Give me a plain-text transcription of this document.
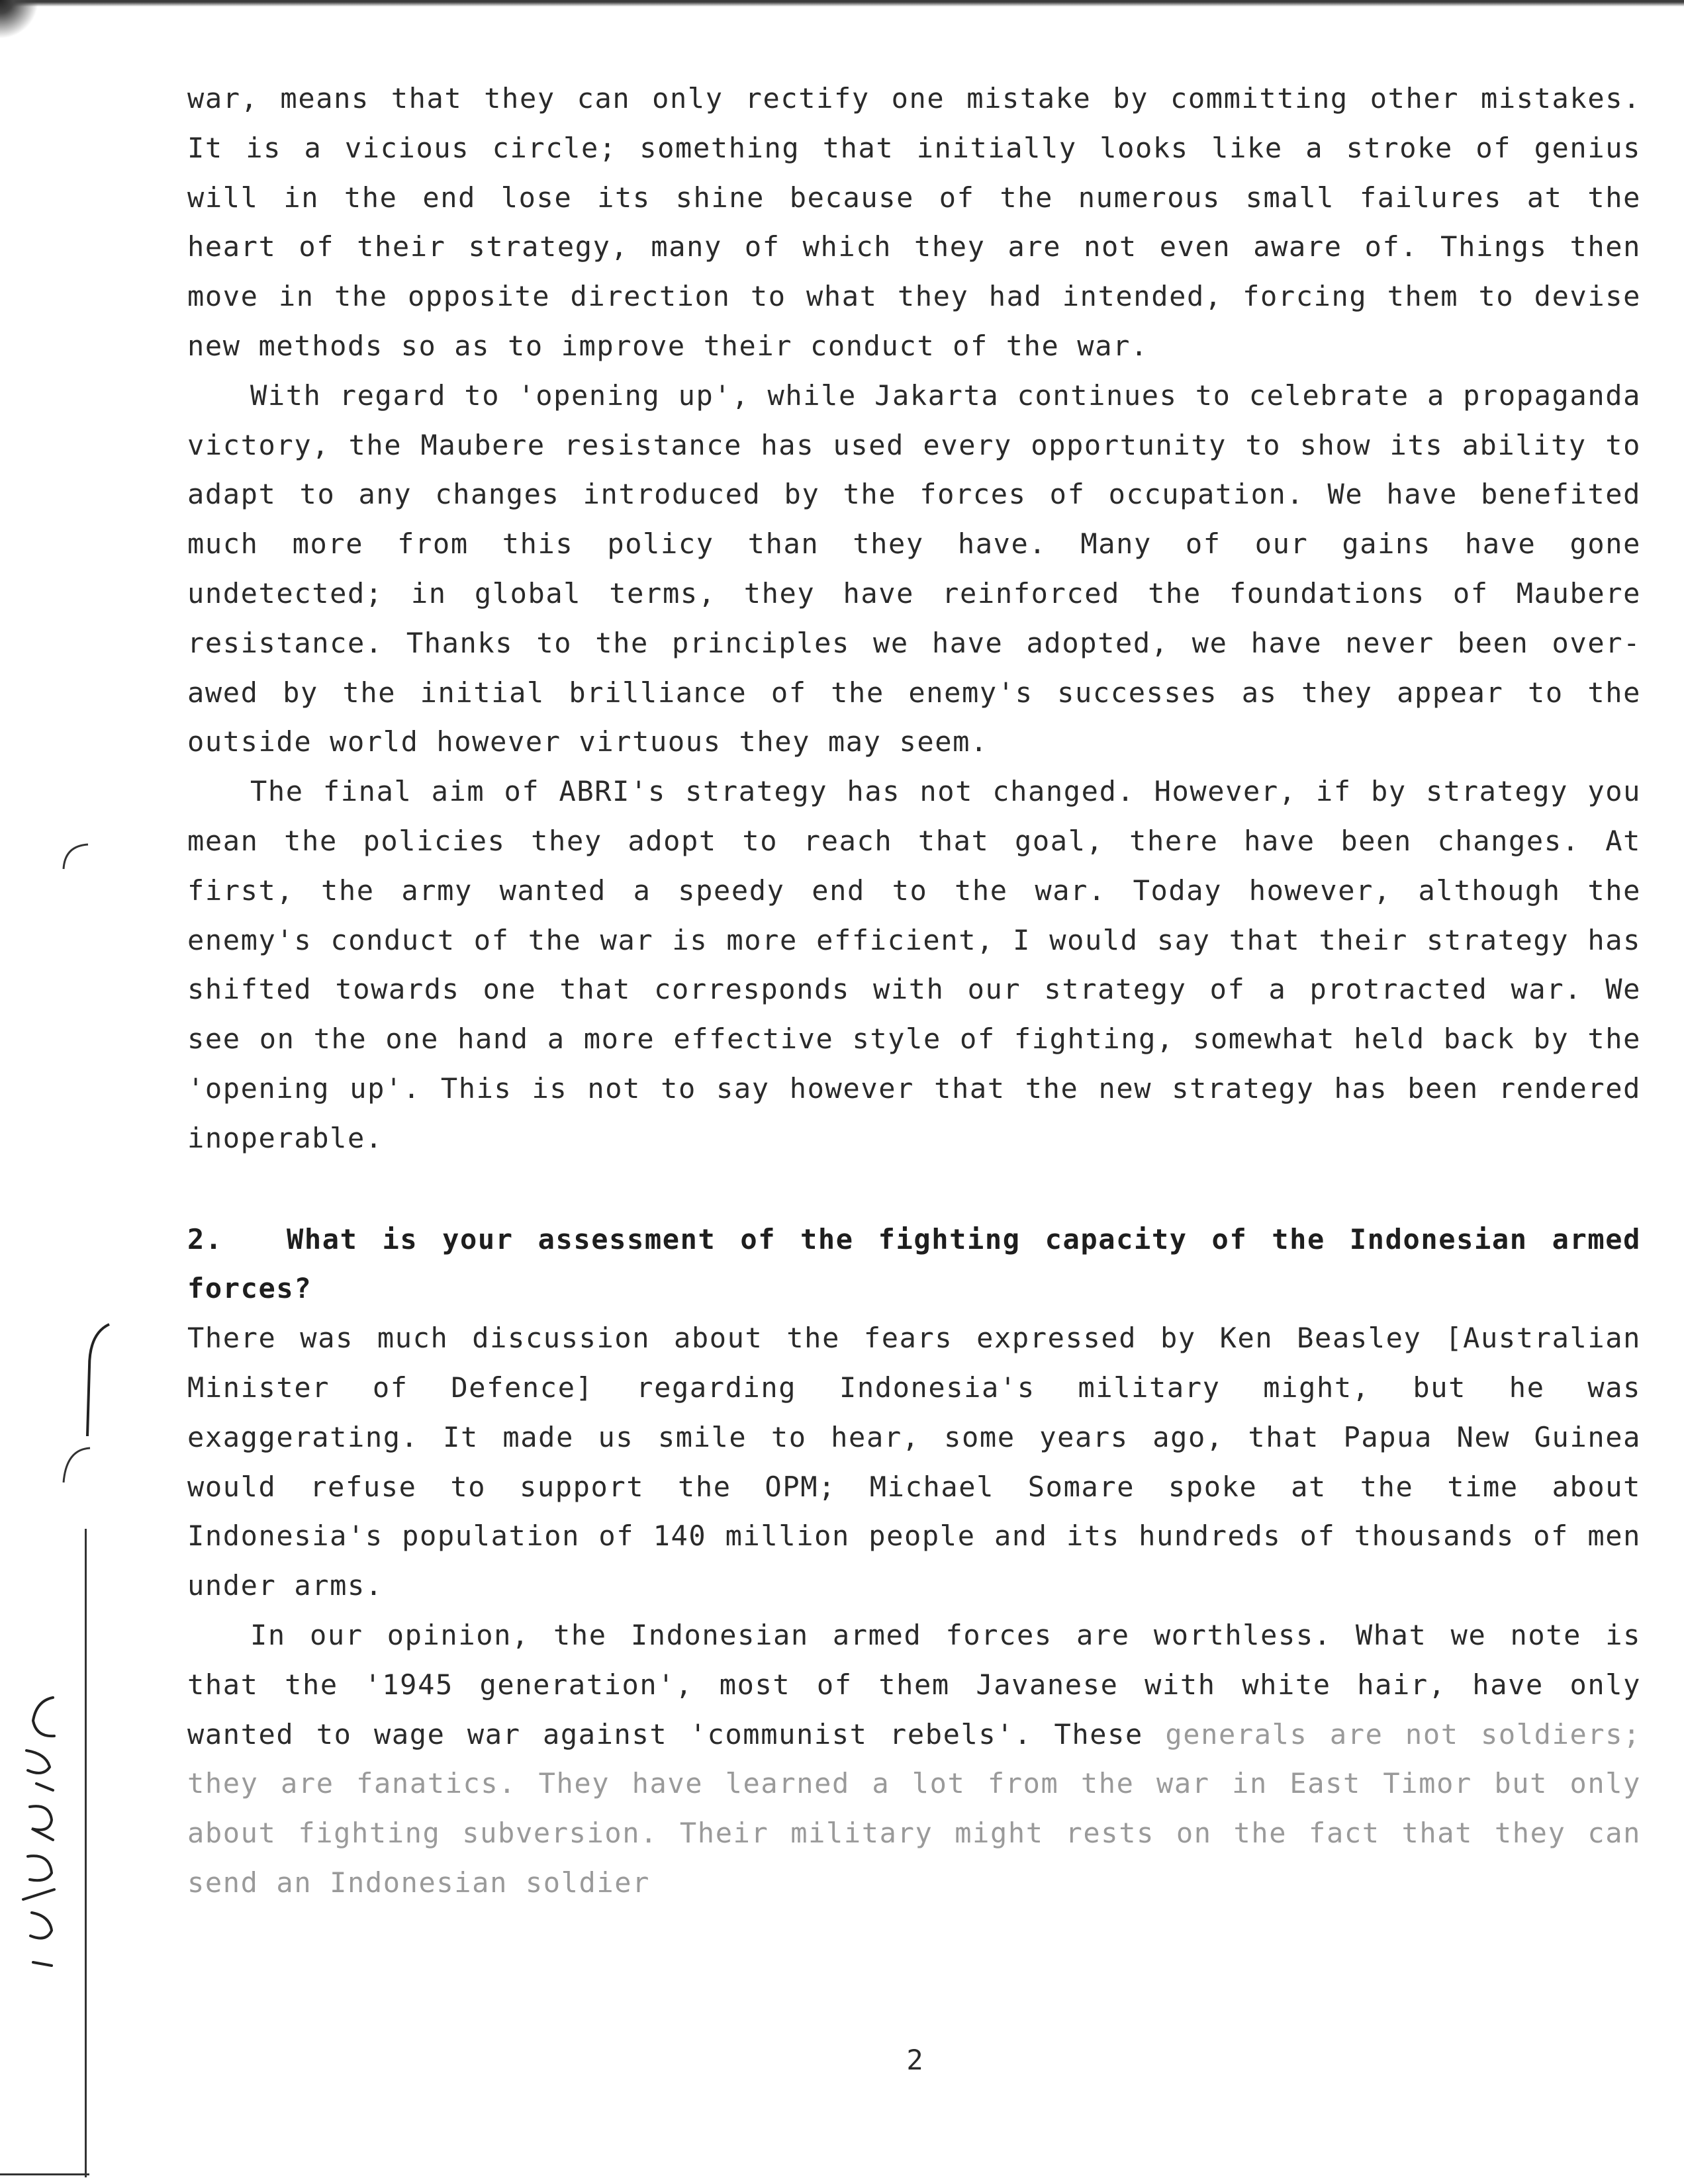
war, means that they can only rectify one mistake by committing other mistakes. It is a vicious circle; something that initially looks like a stroke of genius will in the end lose its shine because of the numerous small failures at the heart of their strategy, many of which they are not even aware of. Things then move in the opposite direction to what they had intended, forcing them to devise new methods so as to improve their conduct of the war.

With regard to 'opening up', while Jakarta continues to celebrate a propaganda victory, the Maubere resistance has used every opportunity to show its ability to adapt to any changes introduced by the forces of occupation. We have benefited much more from this policy than they have. Many of our gains have gone undetected; in global terms, they have reinforced the foundations of Maubere resistance. Thanks to the principles we have adopted, we have never been over-awed by the initial brilliance of the enemy's successes as they appear to the outside world however virtuous they may seem.

The final aim of ABRI's strategy has not changed. However, if by strategy you mean the policies they adopt to reach that goal, there have been changes. At first, the army wanted a speedy end to the war. Today however, although the enemy's conduct of the war is more efficient, I would say that their strategy has shifted towards one that corresponds with our strategy of a protracted war. We see on the one hand a more effective style of fighting, somewhat held back by the 'opening up'. This is not to say however that the new strategy has been rendered inoperable.

2. What is your assessment of the fighting capacity of the Indonesian armed forces?

There was much discussion about the fears expressed by Ken Beasley [Australian Minister of Defence] regarding Indonesia's military might, but he was exaggerating. It made us smile to hear, some years ago, that Papua New Guinea would refuse to support the OPM; Michael Somare spoke at the time about Indonesia's population of 140 million people and its hundreds of thousands of men under arms.

In our opinion, the Indonesian armed forces are worthless. What we note is that the '1945 generation', most of them Javanese with white hair, have only wanted to wage war against 'communist rebels'. These generals are not soldiers; they are fanatics. They have learned a lot from the war in East Timor but only about fighting subversion. Their military might rests on the fact that they can send an Indonesian soldier

2
